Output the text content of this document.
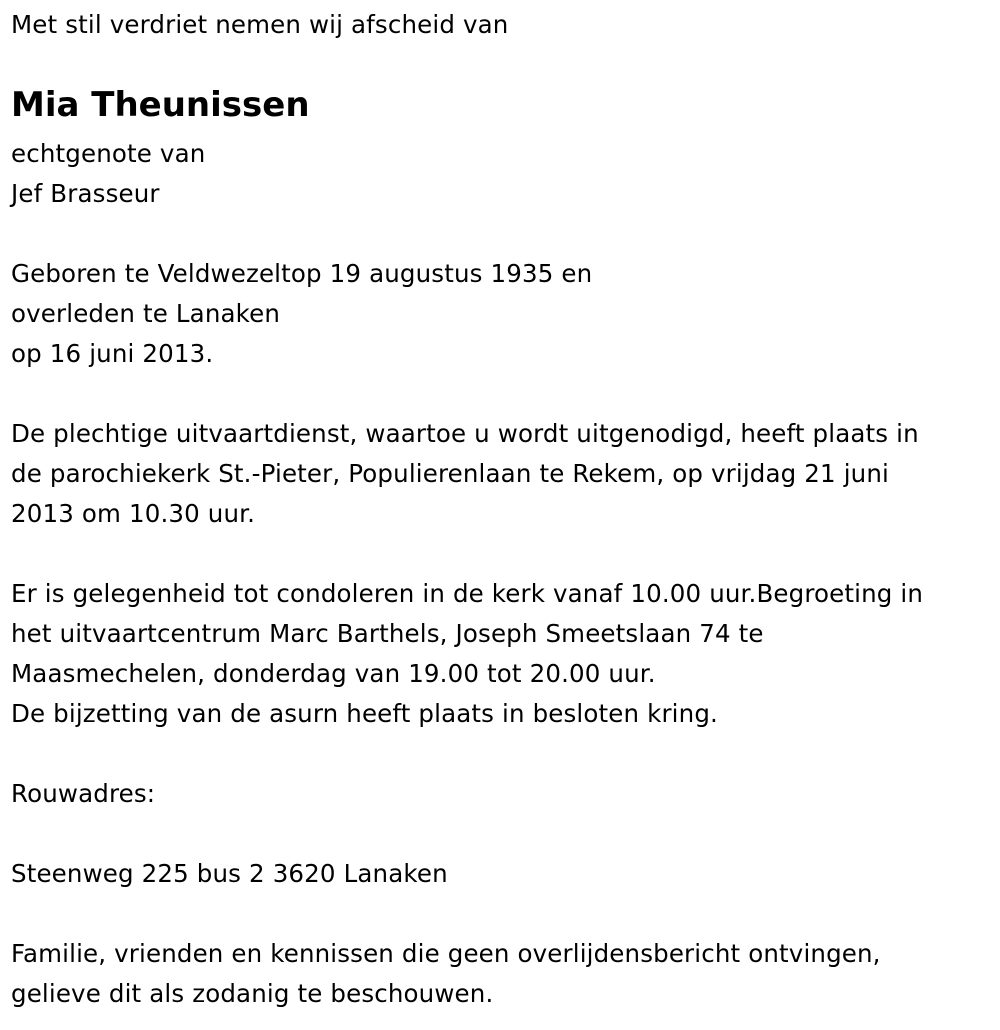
Met stil verdriet nemen wij afscheid van
Mia Theunissen
echtgenote van
Jef Brasseur
Geboren te Veldwezeltop 19 augustus 1935 en
overleden te Lanaken
op 16 juni 2013.
De plechtige uitvaartdienst, waartoe u wordt uitgenodigd, heeft plaats in
de parochiekerk St.-Pieter, Populierenlaan te Rekem, op vrijdag 21 juni
2013 om 10.30 uur.
Er is gelegenheid tot condoleren in de kerk vanaf 10.00 uur.Begroeting in
het uitvaartcentrum Marc Barthels, Joseph Smeetslaan 74 te
Maasmechelen, donderdag van 19.00 tot 20.00 uur.
De bijzetting van de asurn heeft plaats in besloten kring.
Rouwadres:
Steenweg 225 bus 2 3620 Lanaken
Familie, vrienden en kennissen die geen overlijdensbericht ontvingen,
gelieve dit als zodanig te beschouwen.
